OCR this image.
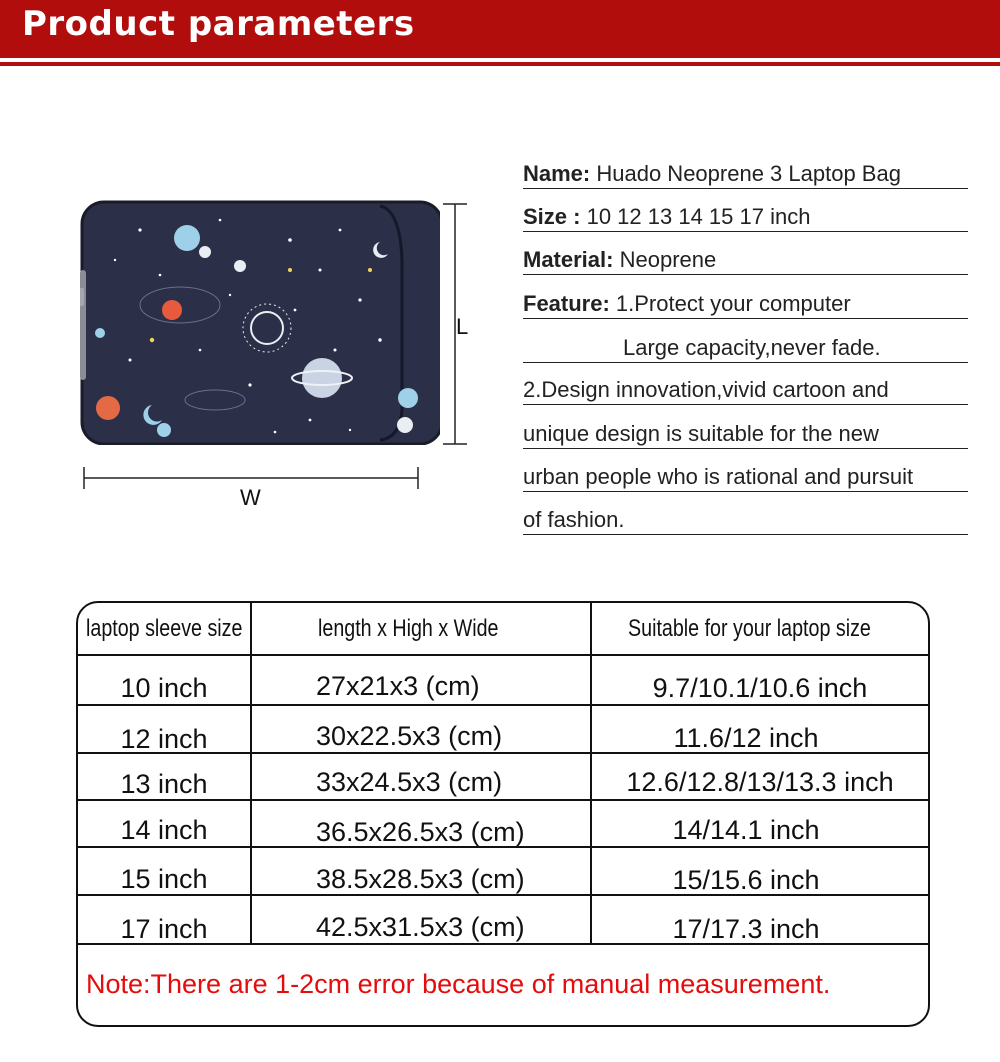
Product parameters
L
W
Name: Huado Neoprene 3 Laptop Bag
Size : 10 12 13 14 15 17 inch
Material: Neoprene
Feature: 1.Protect your computer
Large capacity,never fade.
2.Design innovation,vivid cartoon and
unique design is suitable for the new
urban people who is rational and pursuit
of fashion.
laptop sleeve size	length x High x Wide	Suitable for your laptop size
10 inch	27x21x3 (cm)	9.7/10.1/10.6 inch
12 inch	30x22.5x3 (cm)	11.6/12 inch
13 inch	33x24.5x3 (cm)	12.6/12.8/13/13.3 inch
14 inch	36.5x26.5x3 (cm)	14/14.1 inch
15 inch	38.5x28.5x3 (cm)	15/15.6 inch
17 inch	42.5x31.5x3 (cm)	17/17.3 inch
Note:There are 1-2cm error because of manual measurement.
